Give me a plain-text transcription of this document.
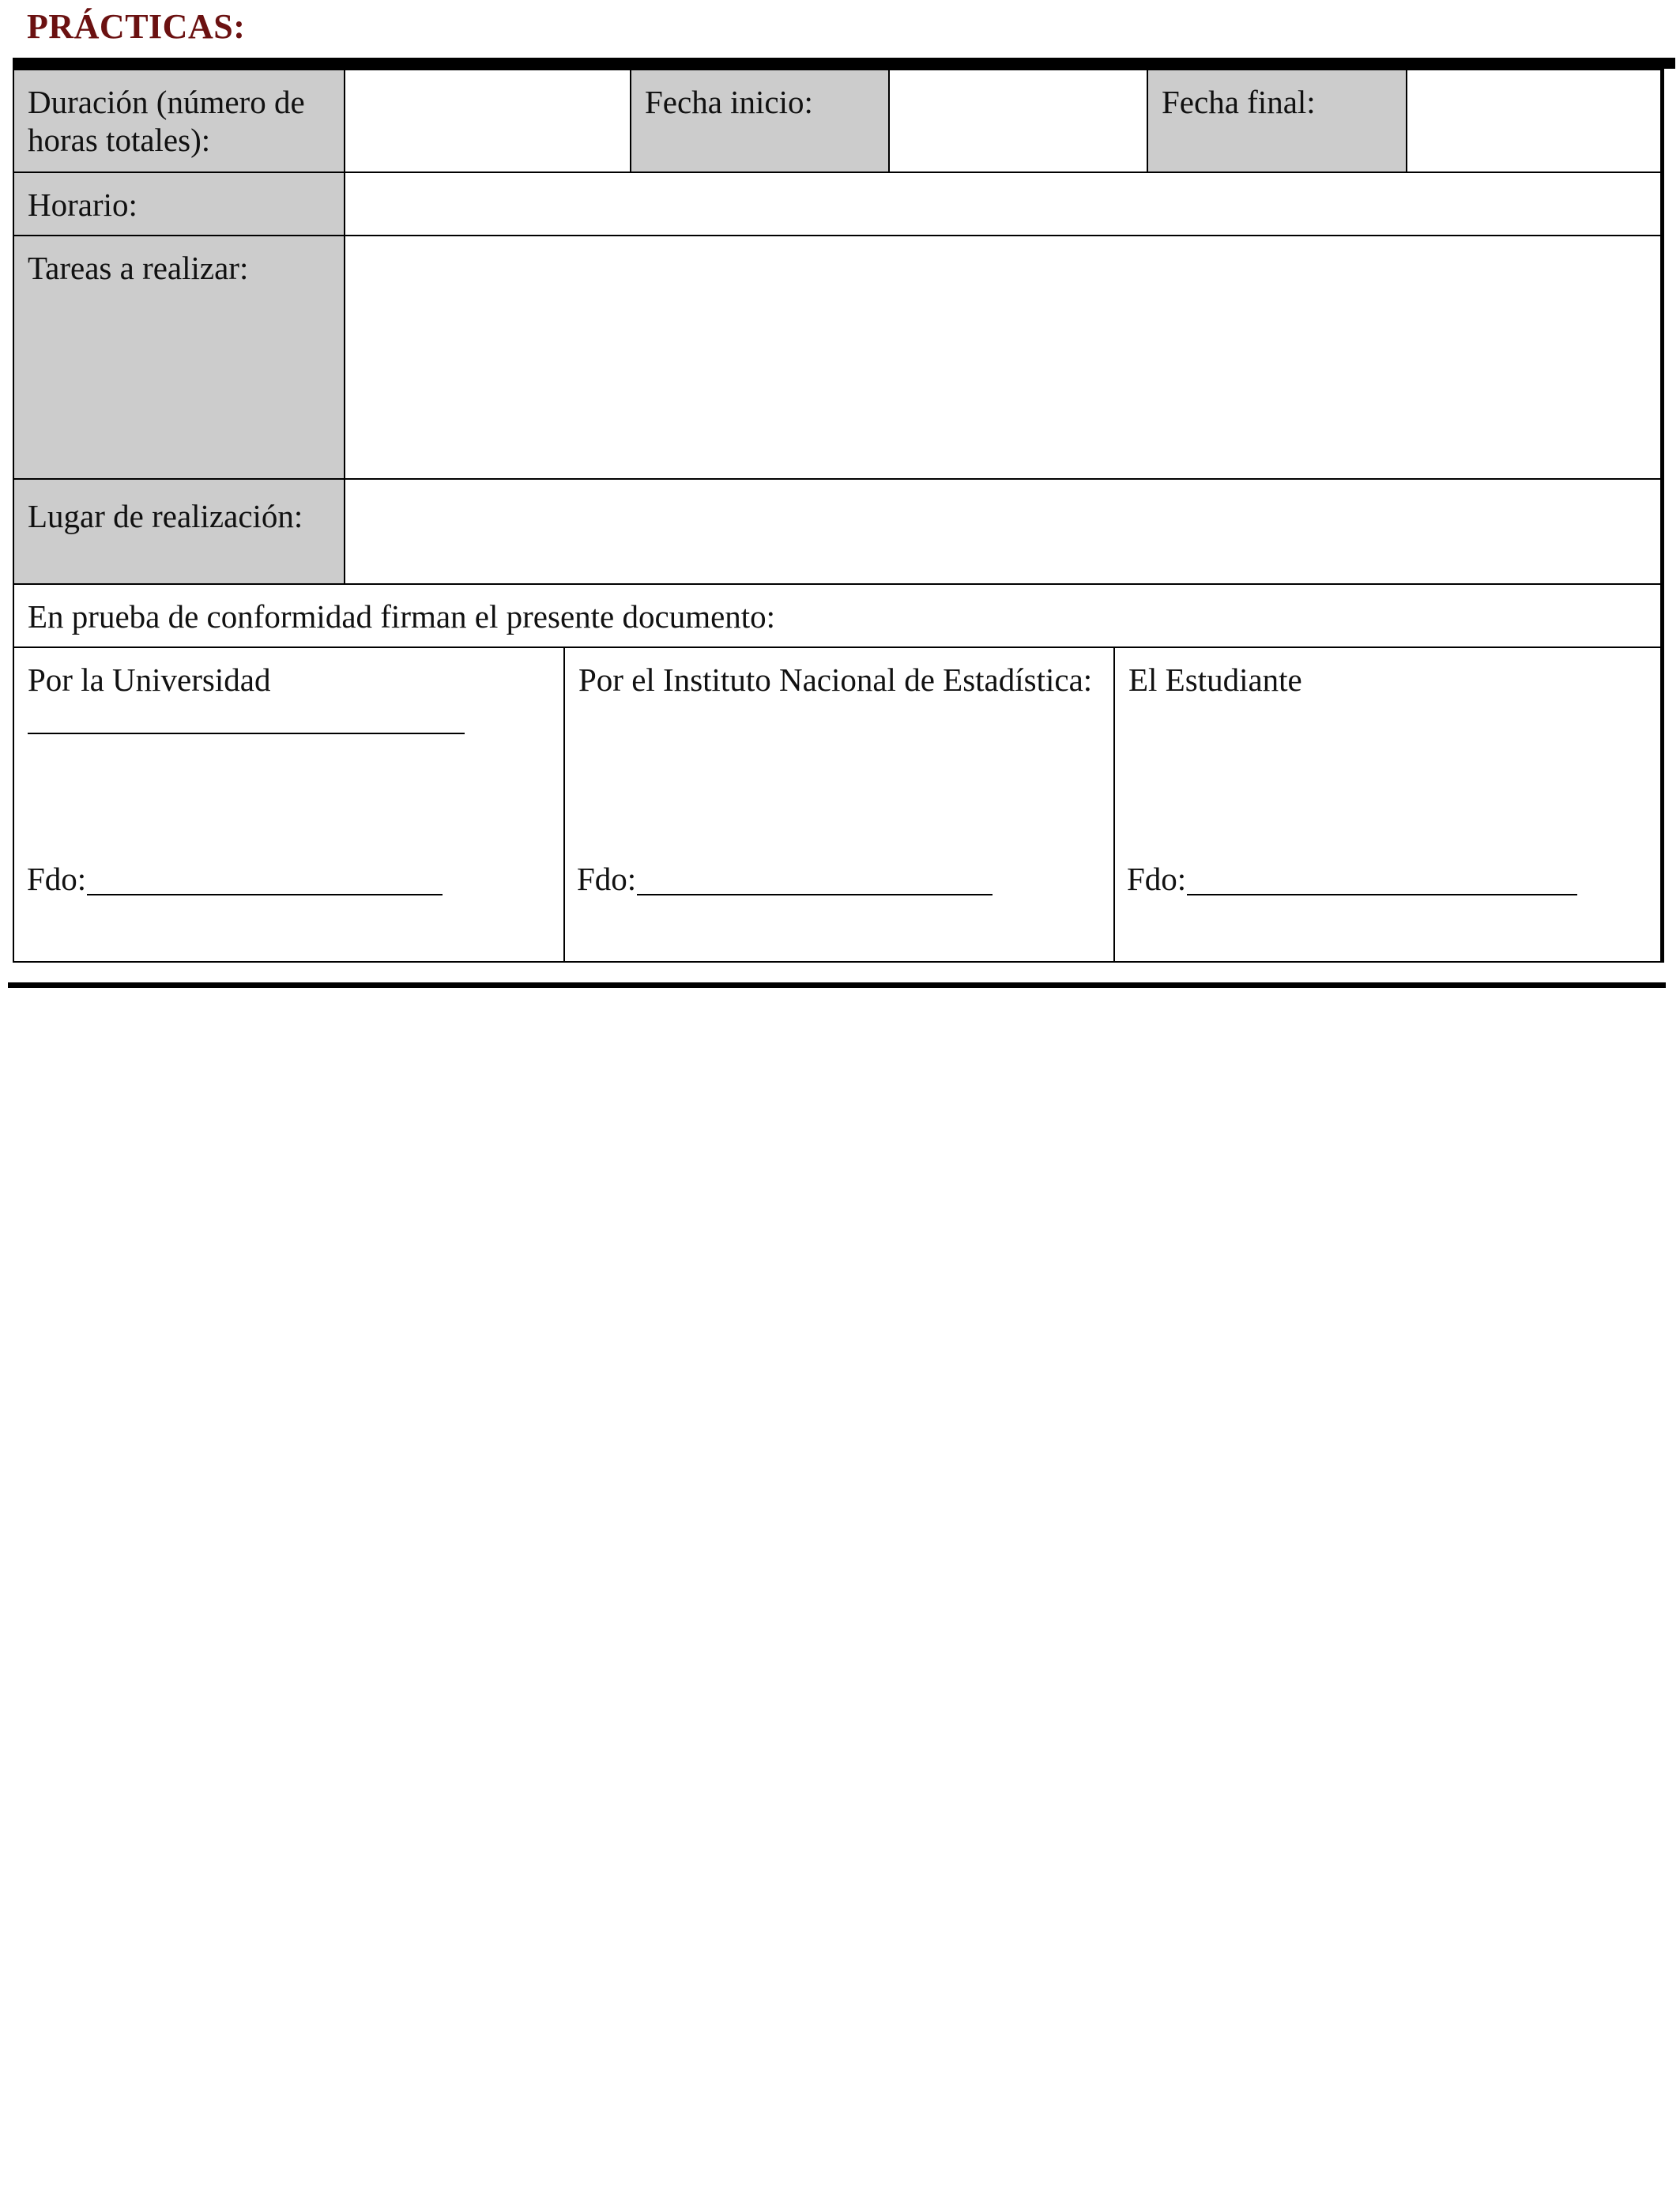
PRÁCTICAS:
Duración (número de horas totales):
Fecha inicio:	Fecha final:
Horario:
Tareas a realizar:
Lugar de realización:
En prueba de conformidad firman el presente documento:
Por la Universidad
Fdo:
Por el Instituto Nacional de Estadística:
Fdo:
El Estudiante
Fdo:
